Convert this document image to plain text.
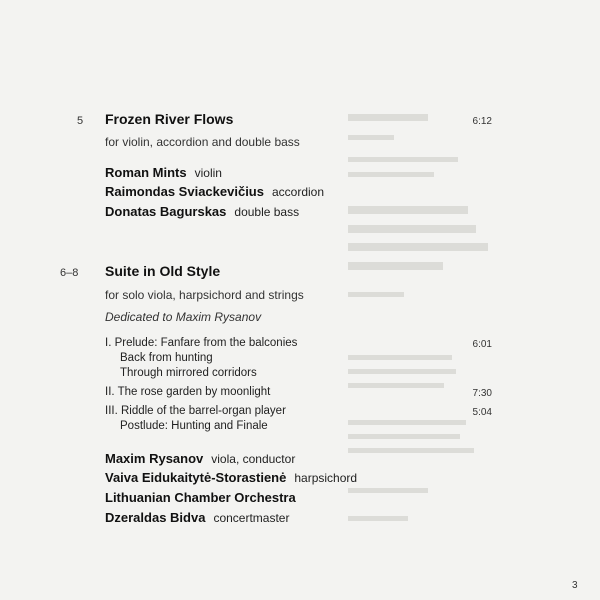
5 Frozen River Flows	6:12
for violin, accordion and double bass
Roman Mints violin
Raimondas Sviackevičius accordion
Donatas Bagurskas double bass
6–8 Suite in Old Style
for solo viola, harpsichord and strings
Dedicated to Maxim Rysanov
I. Prelude: Fanfare from the balconies	6:01
Back from hunting
Through mirrored corridors
II. The rose garden by moonlight	7:30
III. Riddle of the barrel-organ player	5:04
Postlude: Hunting and Finale
Maxim Rysanov viola, conductor
Vaiva Eidukaitytė-Storastienė harpsichord
Lithuanian Chamber Orchestra
Dzeraldas Bidva concertmaster
3
